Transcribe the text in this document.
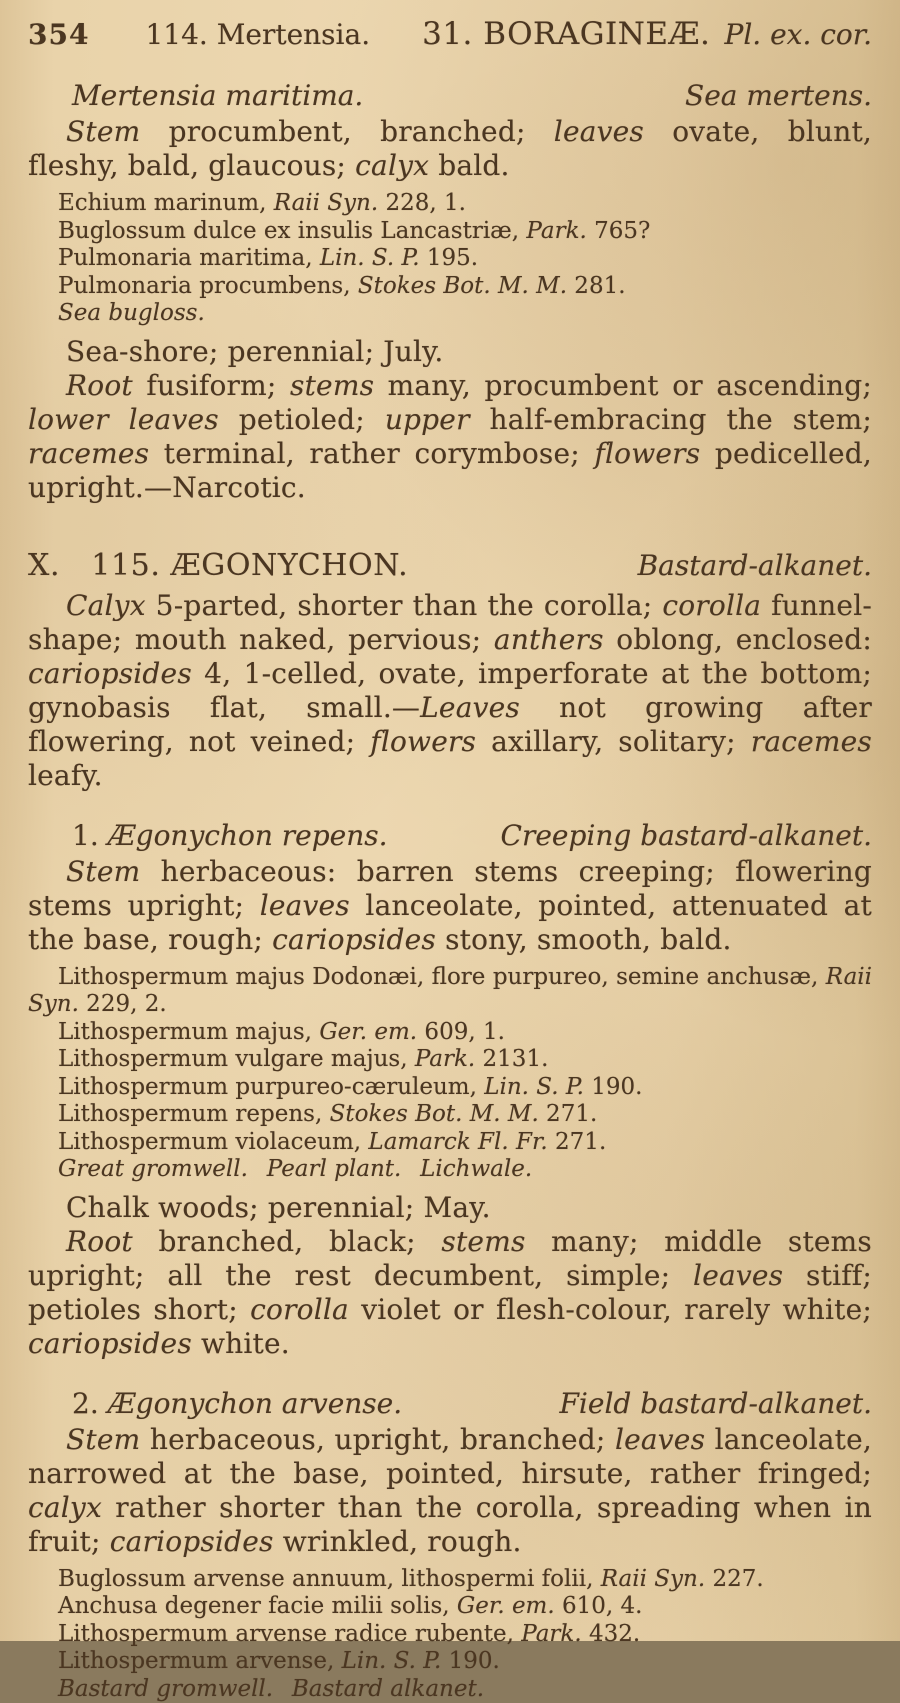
354 114. Mertensia. 31. BORAGINEÆ. Pl. ex. cor.
Mertensia maritima.	Sea mertens.

Stem procumbent, branched; leaves ovate, blunt, fleshy, bald, glaucous; calyx bald.

Echium marinum, Raii Syn. 228, 1.

Buglossum dulce ex insulis Lancastriæ, Park. 765?

Pulmonaria maritima, Lin. S. P. 195.

Pulmonaria procumbens, Stokes Bot. M. M. 281.

Sea bugloss.

Sea-shore; perennial; July.

Root fusiform; stems many, procumbent or ascending; lower leaves petioled; upper half-embracing the stem; racemes terminal, rather corymbose; flowers pedicelled, upright.—Narcotic.

X.  115. ÆGONYCHON.	Bastard-alkanet.

Calyx 5-parted, shorter than the corolla; corolla funnel-shape; mouth naked, pervious; anthers oblong, enclosed: cariopsides 4, 1-celled, ovate, imperforate at the bottom; gynobasis flat, small.—Leaves not growing after flowering, not veined; flowers axillary, solitary; racemes leafy.

1. Ægonychon repens.	Creeping bastard-alkanet.

Stem herbaceous: barren stems creeping; flowering stems upright; leaves lanceolate, pointed, attenuated at the base, rough; cariopsides stony, smooth, bald.

Lithospermum majus Dodonæi, flore purpureo, semine anchusæ, Raii Syn. 229, 2.

Lithospermum majus, Ger. em. 609, 1.

Lithospermum vulgare majus, Park. 2131.

Lithospermum purpureo-cæruleum, Lin. S. P. 190.

Lithospermum repens, Stokes Bot. M. M. 271.

Lithospermum violaceum, Lamarck Fl. Fr. 271.

Great gromwell.  Pearl plant.  Lichwale.

Chalk woods; perennial; May.

Root branched, black; stems many; middle stems upright; all the rest decumbent, simple; leaves stiff; petioles short; corolla violet or flesh-colour, rarely white; cariopsides white.

2. Ægonychon arvense.	Field bastard-alkanet.

Stem herbaceous, upright, branched; leaves lanceolate, narrowed at the base, pointed, hirsute, rather fringed; calyx rather shorter than the corolla, spreading when in fruit; cariopsides wrinkled, rough.

Buglossum arvense annuum, lithospermi folii, Raii Syn. 227.

Anchusa degener facie milii solis, Ger. em. 610, 4.

Lithospermum arvense radice rubente, Park. 432.

Lithospermum arvense, Lin. S. P. 190.

Bastard gromwell.  Bastard alkanet.
